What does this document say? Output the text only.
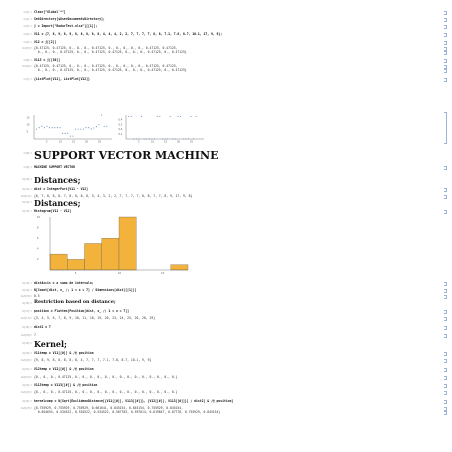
In[1]:= Clear["Global`*"]
In[2]:= SetDirectory[$UserDocumentsDirectory];
In[3]:= j = Import["RadarTest.xlsx"][[1]];
In[4]:= V11 = {7, 8, 9, 8, 9, 8, 8, 8, 8, 8, 4, 4, 4, 2, 2, 7, 7, 7, 7, 8, 8, 7.1, 7.8, 8.7, 10.1, 17, 9, 9};
In[5]:= V12 = j[[2]]
Out[5]= {0.47125, 0.47125, 0., 0., 0., 0.47125, 0., 0., 0., 0., 0., 0.47125, 0.47125,
0., 0., 0., 0.47125, 0., 0., 0.47125, 0.47125, 0., 0., 0., 0.47125, 0., 0.47125}
In[6]:= V113 = j[[30]]
Out[6]= {0.47125, 0.47125, 0., 0., 0., 0.47125, 0., 0., 0., 0., 0., 0.47125, 0.47125,
0., 0., 0., 0.47125, 0., 0., 0.47125, 0.47125, 0., 0., 0., 0.47125, 0., 0.47125}
In[7]:= {ListPlot[V11], ListPlot[V12]}
5	10	15	20	25
5
10
15
5	10	15	20	25
0.1
0.2
0.3
0.4
In[8]:= SUPPORT VECTOR MACHINE
In[9]:= MACHINE SUPPORT VECTOR
In[10]:= Distances;
In[11]:= dist = IntegerPart[V11 - V12]
Out[11]= {6, 7, 8, 8, 8, 7, 8, 8, 8, 8, 3, 4, 3, 2, 2, 7, 7, 7, 7, 8, 8, 7, 7, 8, 9, 17, 9, 8}
In[12]:= Distances;
In[13]:= Histogram[V11 - V12]
5	10	15
2
4
6
8
10
In[14]:= distAccis = a suma de intervalo;
In[15]:= N[Count[dist, x_ /; 1 < x < 7] / Dimensions[dist][[1]]]
Out[15]= 0.5
In[16]:= Restriction based on distance;
In[17]:= position = Flatten[Position[dist, x_ /; 1 < x < 7]]
Out[17]= {3, 4, 5, 6, 7, 8, 9, 10, 11, 18, 19, 20, 23, 24, 25, 26, 28, 29}
In[18]:= dist2 = 7
Out[18]= 7
In[19]:= Kernel;
In[20]:= V11temp = V11[[#]] & /@ position
Out[20]= {9, 8, 9, 8, 8, 8, 8, 8, 4, 7, 7, 7, 7.1, 7.8, 8.7, 10.1, 9, 9}
In[21]:= V12temp = V12[[#]] & /@ position
Out[21]= {0., 0., 0., 0.47125, 0., 0., 0., 0., 0., 0., 0., 0., 0., 0., 0., 0., 0., 0.}
In[22]:= V113temp = V113[[#]] & /@ position
Out[22]= {0., 0., 0., 0.47125, 0., 0., 0., 0., 0., 0., 0., 0., 0., 0., 0., 0., 0., 0.}
In[23]:= kernelcomp = N[Sqrt[EuclideanDistance[{V11[[#]], V113[[#]]}, {V12[[#]], V113[[#]]}] / dist2] & /@ position]
Out[23]= {0.755929, 0.755929, 0.755929, 0.661641, 0.845154, 0.845154, 0.755929, 0.845154,
0.654654, 0.534522, 0.534522, 0.534522, 0.567783, 0.597614, 0.619847, 0.67778, 0.755929, 0.845154}
